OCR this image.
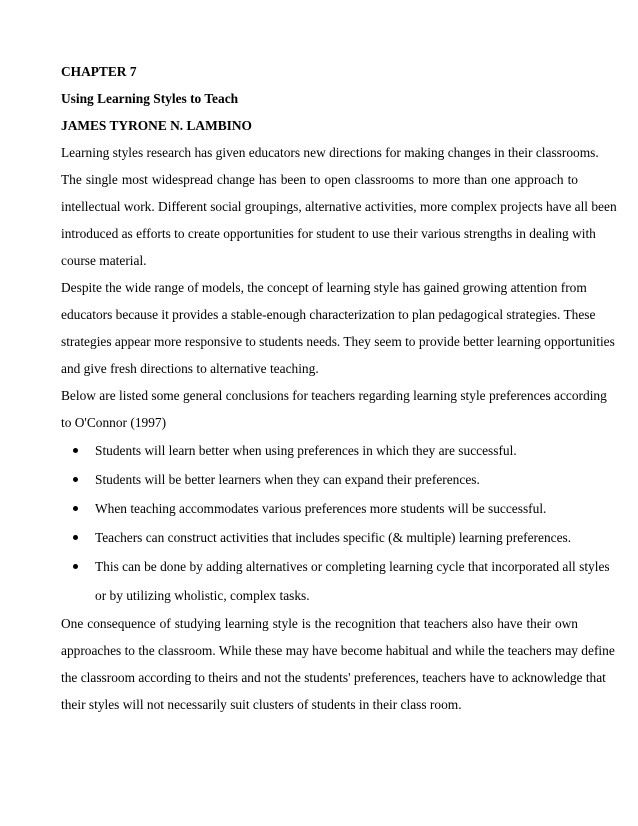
CHAPTER 7
Using Learning Styles to Teach
JAMES TYRONE N. LAMBINO
Learning styles research has given educators new directions for making changes in their classrooms.
The single most widespread change has been to open classrooms to more than one approach to
intellectual work. Different social groupings, alternative activities, more complex projects have all been
introduced as efforts to create opportunities for student to use their various strengths in dealing with
course material.
Despite the wide range of models, the concept of learning style has gained growing attention from
educators because it provides a stable-enough characterization to plan pedagogical strategies. These
strategies appear more responsive to students needs. They seem to provide better learning opportunities
and give fresh directions to alternative teaching.
Below are listed some general conclusions for teachers regarding learning style preferences according
to O'Connor (1997)
Students will learn better when using preferences in which they are successful.
Students will be better learners when they can expand their preferences.
When teaching accommodates various preferences more students will be successful.
Teachers can construct activities that includes specific (& multiple) learning preferences.
This can be done by adding alternatives or completing learning cycle that incorporated all styles
or by utilizing wholistic, complex tasks.
One consequence of studying learning style is the recognition that teachers also have their own
approaches to the classroom. While these may have become habitual and while the teachers may define
the classroom according to theirs and not the students' preferences, teachers have to acknowledge that
their styles will not necessarily suit clusters of students in their class room.
